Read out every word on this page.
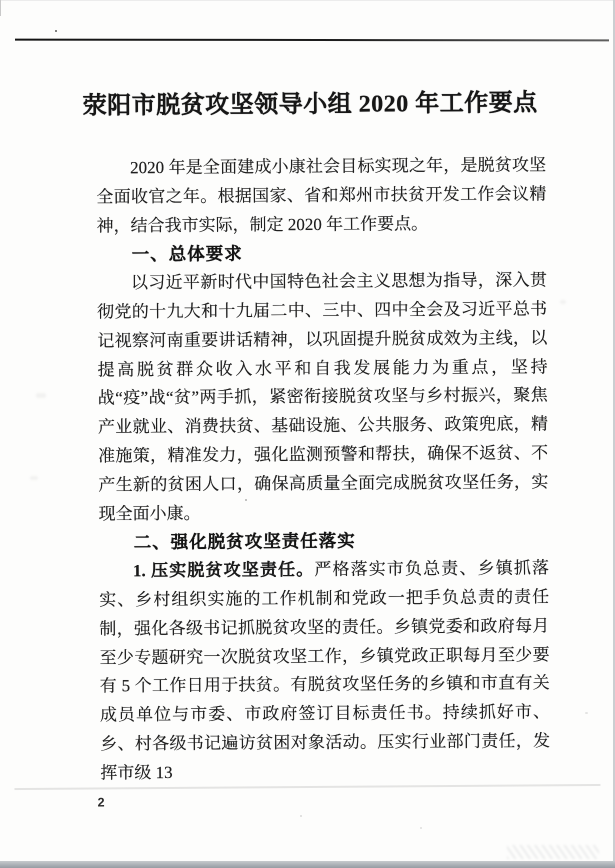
荥阳市脱贫攻坚领导小组 2020 年工作要点

2020 年是全面建成小康社会目标实现之年，是脱贫攻坚全面收官之年。根据国家、省和郑州市扶贫开发工作会议精神，结合我市实际，制定 2020 年工作要点。

一、总体要求

以习近平新时代中国特色社会主义思想为指导，深入贯彻党的十九大和十九届二中、三中、四中全会及习近平总书记视察河南重要讲话精神，以巩固提升脱贫成效为主线，以提高脱贫群众收入水平和自我发展能力为重点，坚持战“疫”战“贫”两手抓，紧密衔接脱贫攻坚与乡村振兴，聚焦产业就业、消费扶贫、基础设施、公共服务、政策兜底，精准施策，精准发力，强化监测预警和帮扶，确保不返贫、不产生新的贫困人口，确保高质量全面完成脱贫攻坚任务，实现全面小康。

二、强化脱贫攻坚责任落实

1. 压实脱贫攻坚责任。严格落实市负总责、乡镇抓落实、乡村组织实施的工作机制和党政一把手负总责的责任制，强化各级书记抓脱贫攻坚的责任。乡镇党委和政府每月至少专题研究一次脱贫攻坚工作，乡镇党政正职每月至少要有 5 个工作日用于扶贫。有脱贫攻坚任务的乡镇和市直有关成员单位与市委、市政府签订目标责任书。持续抓好市、乡、村各级书记遍访贫困对象活动。压实行业部门责任，发挥市级 13

2
